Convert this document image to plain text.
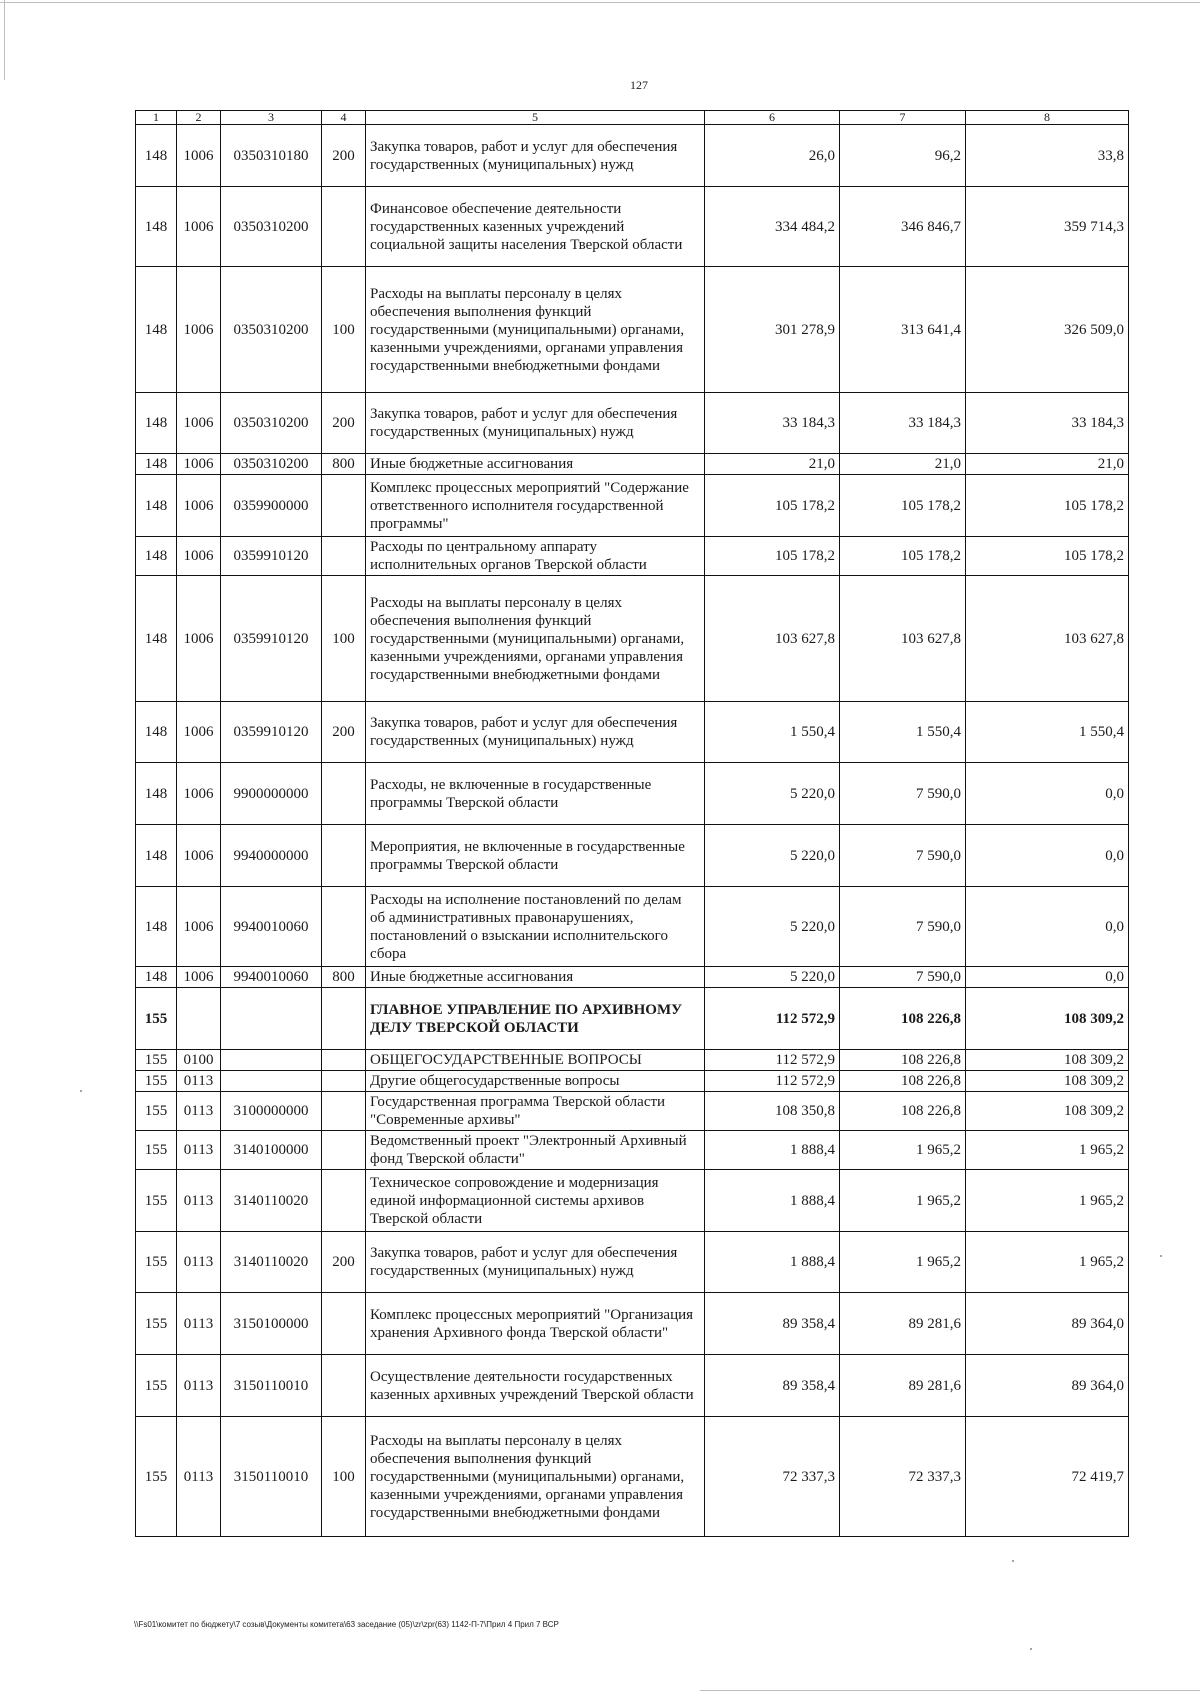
127
1	2	3	4	5	6	7	8
148	1006	0350310180	200	Закупка товаров, работ и услуг для обеспечения государственных (муниципальных) нужд	26,0	96,2	33,8
148	1006	0350310200		Финансовое обеспечение деятельности государственных казенных учреждений социальной защиты населения Тверской области	334 484,2	346 846,7	359 714,3
148	1006	0350310200	100	Расходы на выплаты персоналу в целях обеспечения выполнения функций государственными (муниципальными) органами, казенными учреждениями, органами управления государственными внебюджетными фондами	301 278,9	313 641,4	326 509,0
148	1006	0350310200	200	Закупка товаров, работ и услуг для обеспечения государственных (муниципальных) нужд	33 184,3	33 184,3	33 184,3
148	1006	0350310200	800	Иные бюджетные ассигнования	21,0	21,0	21,0
148	1006	0359900000		Комплекс процессных мероприятий "Содержание ответственного исполнителя государственной программы"	105 178,2	105 178,2	105 178,2
148	1006	0359910120		Расходы по центральному аппарату исполнительных органов Тверской области	105 178,2	105 178,2	105 178,2
148	1006	0359910120	100	Расходы на выплаты персоналу в целях обеспечения выполнения функций государственными (муниципальными) органами, казенными учреждениями, органами управления государственными внебюджетными фондами	103 627,8	103 627,8	103 627,8
148	1006	0359910120	200	Закупка товаров, работ и услуг для обеспечения государственных (муниципальных) нужд	1 550,4	1 550,4	1 550,4
148	1006	9900000000		Расходы, не включенные в государственные программы Тверской области	5 220,0	7 590,0	0,0
148	1006	9940000000		Мероприятия, не включенные в государственные программы Тверской области	5 220,0	7 590,0	0,0
148	1006	9940010060		Расходы на исполнение постановлений по делам об административных правонарушениях, постановлений о взыскании исполнительского сбора	5 220,0	7 590,0	0,0
148	1006	9940010060	800	Иные бюджетные ассигнования	5 220,0	7 590,0	0,0
155				ГЛАВНОЕ УПРАВЛЕНИЕ ПО АРХИВНОМУ ДЕЛУ ТВЕРСКОЙ ОБЛАСТИ	112 572,9	108 226,8	108 309,2
155	0100			ОБЩЕГОСУДАРСТВЕННЫЕ ВОПРОСЫ	112 572,9	108 226,8	108 309,2
155	0113			Другие общегосударственные вопросы	112 572,9	108 226,8	108 309,2
155	0113	3100000000		Государственная программа Тверской области "Современные архивы"	108 350,8	108 226,8	108 309,2
155	0113	3140100000		Ведомственный проект "Электронный Архивный фонд Тверской области"	1 888,4	1 965,2	1 965,2
155	0113	3140110020		Техническое сопровождение и модернизация единой информационной системы архивов Тверской области	1 888,4	1 965,2	1 965,2
155	0113	3140110020	200	Закупка товаров, работ и услуг для обеспечения государственных (муниципальных) нужд	1 888,4	1 965,2	1 965,2
155	0113	3150100000		Комплекс процессных мероприятий "Организация хранения Архивного фонда Тверской области"	89 358,4	89 281,6	89 364,0
155	0113	3150110010		Осуществление деятельности государственных казенных архивных учреждений Тверской области	89 358,4	89 281,6	89 364,0
155	0113	3150110010	100	Расходы на выплаты персоналу в целях обеспечения выполнения функций государственными (муниципальными) органами, казенными учреждениями, органами управления государственными внебюджетными фондами	72 337,3	72 337,3	72 419,7
\\Fs01\комитет по бюджету\7 созыв\Документы комитета\63 заседание (05)\zr\zpr(63) 1142-П-7\Прил 4 Прил 7 ВСР
